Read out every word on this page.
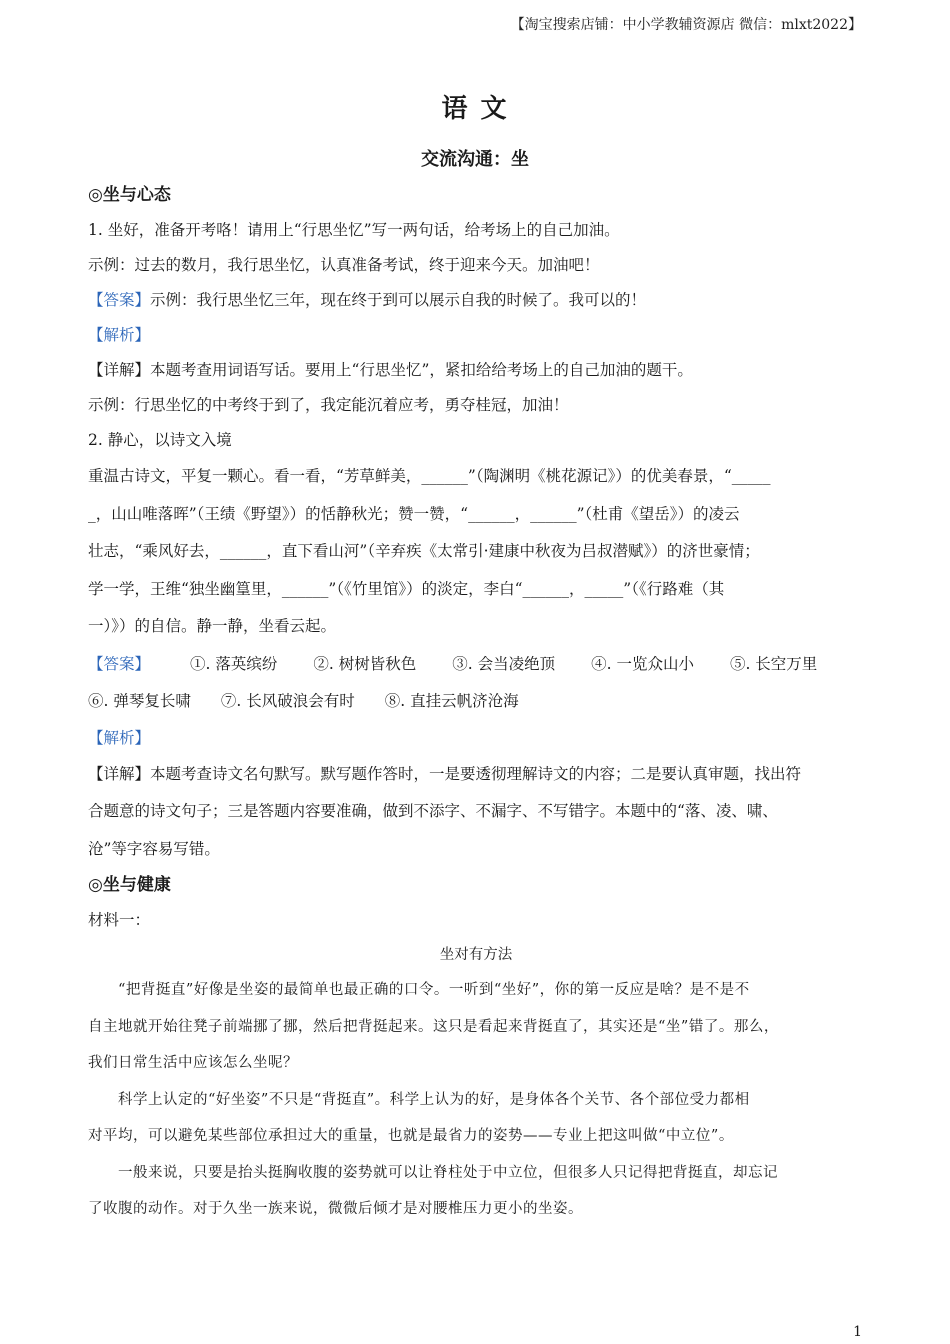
【淘宝搜索店铺：中小学教辅资源店 微信：mlxt2022】
语 文
交流沟通：坐
◎坐与心态
1. 坐好，准备开考咯！请用上“行思坐忆”写一两句话，给考场上的自己加油。
示例：过去的数月，我行思坐忆，认真准备考试，终于迎来今天。加油吧！
【答案】示例：我行思坐忆三年，现在终于到可以展示自我的时候了。我可以的！
【解析】
【详解】本题考查用词语写话。要用上“行思坐忆”，紧扣给给考场上的自己加油的题干。
示例：行思坐忆的中考终于到了，我定能沉着应考，勇夺桂冠，加油！
2. 静心，以诗文入境
重温古诗文，平复一颗心。看一看，“芳草鲜美，______”（陶渊明《桃花源记》）的优美春景，“_____
_，山山唯落晖”（王绩《野望》）的恬静秋光；赞一赞，“______，______”（杜甫《望岳》）的凌云
壮志，“乘风好去，______，直下看山河”（辛弃疾《太常引·建康中秋夜为吕叔潜赋》）的济世豪情；
学一学，王维“独坐幽篁里，______”（《竹里馆》）的淡定，李白“______，_____”（《行路难（其
一）》）的自信。静一静，坐看云起。
【答案】	①. 落英缤纷 ②. 树树皆秋色 ③. 会当凌绝顶 ④. 一览众山小 ⑤. 长空万里
⑥. 弹琴复长啸 ⑦. 长风破浪会有时 ⑧. 直挂云帆济沧海
【解析】
【详解】本题考查诗文名句默写。默写题作答时，一是要透彻理解诗文的内容；二是要认真审题，找出符
合题意的诗文句子；三是答题内容要准确，做到不添字、不漏字、不写错字。本题中的“落、凌、啸、
沧”等字容易写错。
◎坐与健康
材料一：
坐对有方法
“把背挺直”好像是坐姿的最简单也最正确的口令。一听到“坐好”，你的第一反应是啥？是不是不
自主地就开始往凳子前端挪了挪，然后把背挺起来。这只是看起来背挺直了，其实还是“坐”错了。那么，
我们日常生活中应该怎么坐呢？
科学上认定的“好坐姿”不只是“背挺直”。科学上认为的好，是身体各个关节、各个部位受力都相
对平均，可以避免某些部位承担过大的重量，也就是最省力的姿势——专业上把这叫做“中立位”。
一般来说，只要是抬头挺胸收腹的姿势就可以让脊柱处于中立位，但很多人只记得把背挺直，却忘记
了收腹的动作。对于久坐一族来说，微微后倾才是对腰椎压力更小的坐姿。
1
